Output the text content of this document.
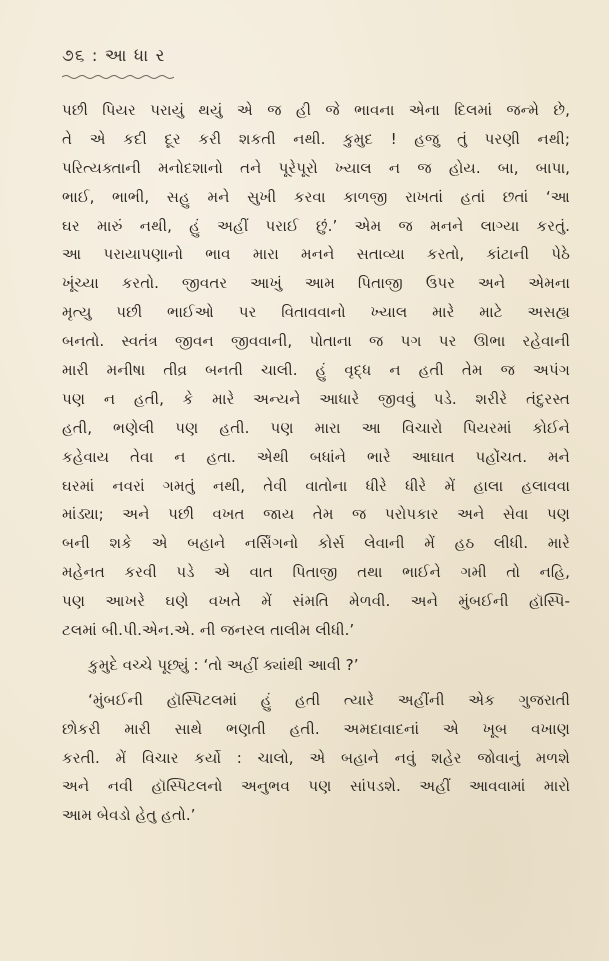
૭૬ : આ ધા ર
પછી પિયર પરાયું થયું એ જ હી જે ભાવના એના દિલમાં જન્મે છે,
તે એ કદી દૂર કરી શકતી નથી. કુમુદ ! હજુ તું પરણી નથી;
પરિત્યક્તાની મનોદશાનો તને પૂરેપૂરો ખ્યાલ ન જ હોય. બા, બાપા,
ભાઈ, ભાભી, સહુ મને સુખી કરવા કાળજી રાખતાં હતાં છતાં ‘આ
ઘર મારું નથી, હું અહીં પરાઈ છું.’ એમ જ મનને લાગ્યા કરતું.
આ પરાયાપણાનો ભાવ મારા મનને સતાવ્યા કરતો, કાંટાની પેઠે
ખૂંચ્યા કરતો. જીવતર આખું આમ પિતાજી ઉપર અને એમના
મૃત્યુ પછી ભાઈઓ પર વિતાવવાનો ખ્યાલ મારે માટે અસહ્ય
બનતો. સ્વતંત્ર જીવન જીવવાની, પોતાના જ પગ પર ઊભા રહેવાની
મારી મનીષા તીવ્ર બનતી ચાલી. હું વૃદ્ધ ન હતી તેમ જ અપંગ
પણ ન હતી, કે મારે અન્યને આધારે જીવવું પડે. શરીરે તંદુરસ્ત
હતી, ભણેલી પણ હતી. પણ મારા આ વિચારો પિયરમાં કોઈને
કહેવાય તેવા ન હતા. એથી બધાંને ભારે આઘાત પહોંચત. મને
ઘરમાં નવરાં ગમતું નથી, તેવી વાતોના ધીરે ધીરે મેં હાલા હલાવવા
માંડ્યા; અને પછી વખત જાય તેમ જ પરોપકાર અને સેવા પણ
બની શકે એ બહાને નર્સિંગનો કોર્સ લેવાની મેં હઠ લીધી. મારે
મહેનત કરવી પડે એ વાત પિતાજી તથા ભાઈને ગમી તો નહિ,
પણ આખરે ઘણે વખતે મેં સંમતિ મેળવી. અને મુંબઈની હૉસ્પિ-
ટલમાં બી.પી.એન.એ. ની જનરલ તાલીમ લીધી.’
કુમુદે વચ્ચે પૂછ્યું : ‘તો અહીં ક્યાંથી આવી ?’
‘મુંબઈની હૉસ્પિટલમાં હું હતી ત્યારે અહીંની એક ગુજરાતી
છોકરી મારી સાથે ભણતી હતી. અમદાવાદનાં એ ખૂબ વખાણ
કરતી. મેં વિચાર કર્યો : ચાલો, એ બહાને નવું શહેર જોવાનું મળશે
અને નવી હૉસ્પિટલનો અનુભવ પણ સાંપડશે. અહીં આવવામાં મારો
આમ બેવડો હેતુ હતો.’
